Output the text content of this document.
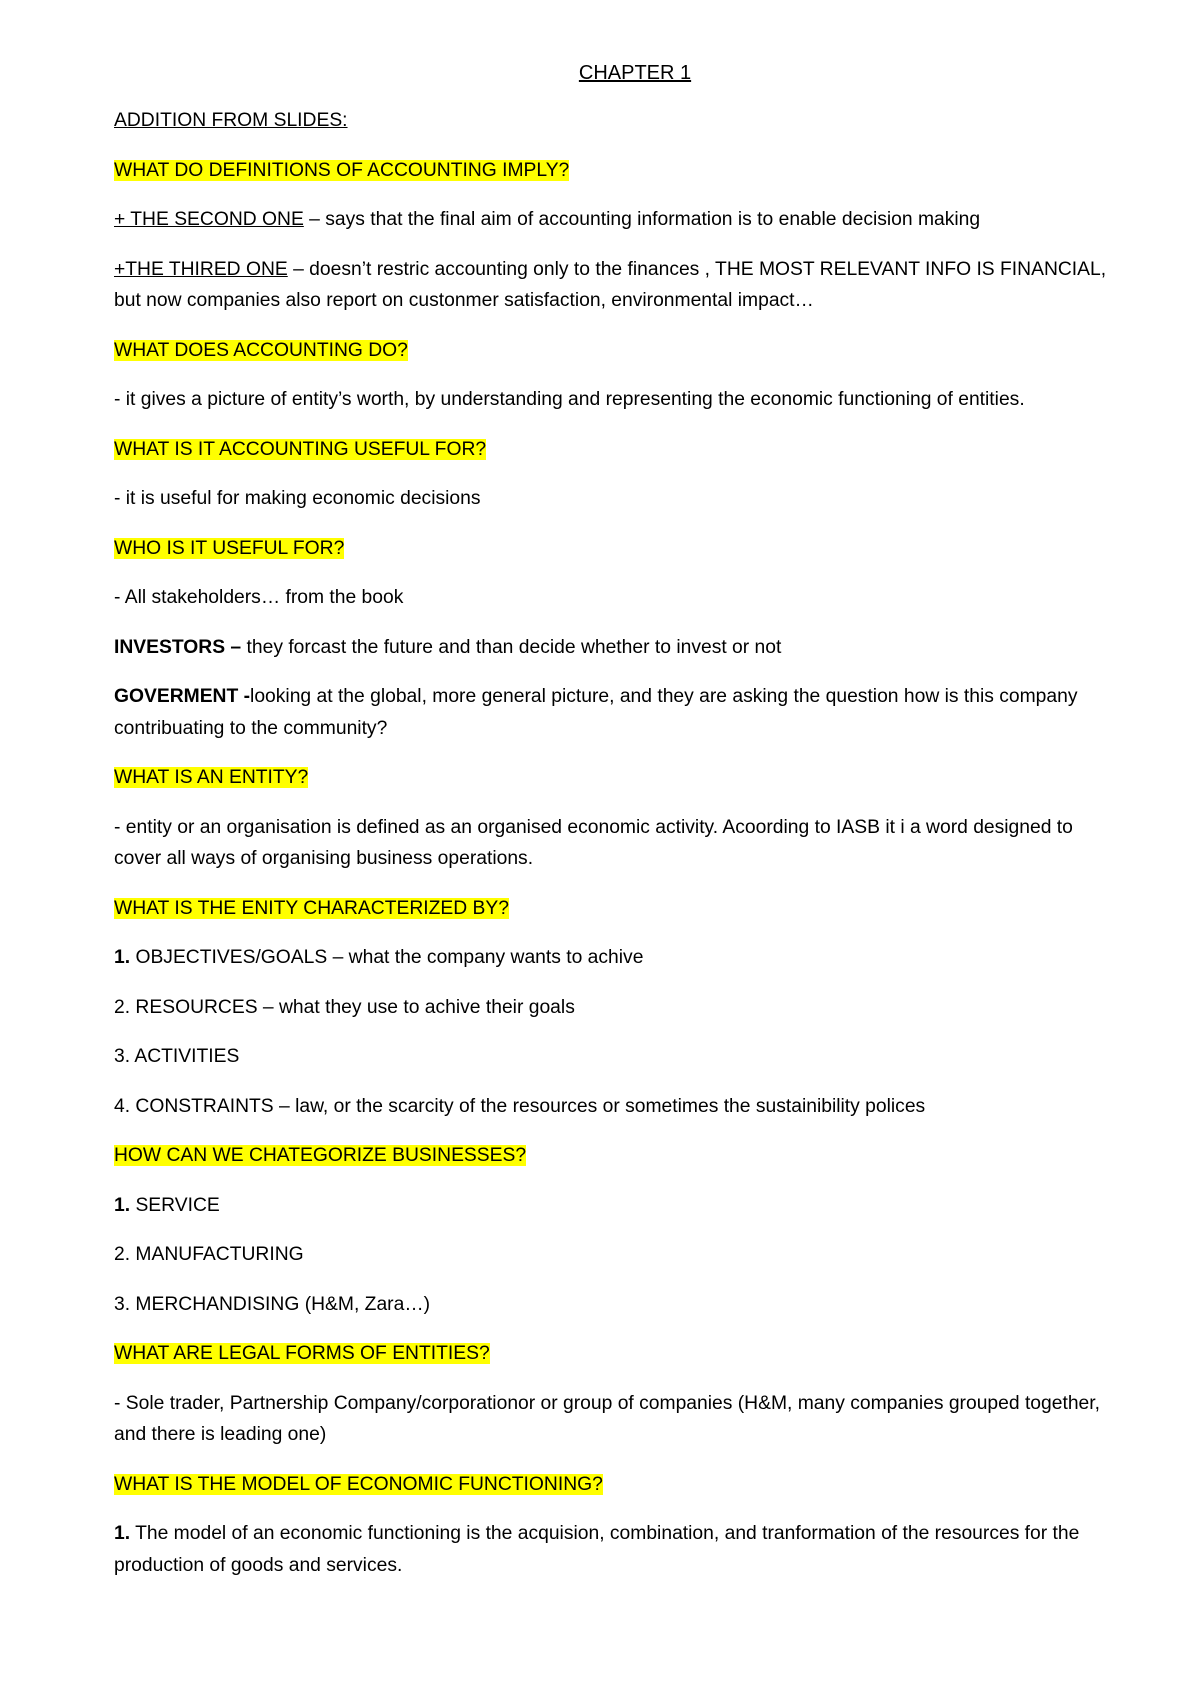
CHAPTER 1

ADDITION FROM SLIDES:

WHAT DO DEFINITIONS OF ACCOUNTING IMPLY?

+ THE SECOND ONE – says that the final aim of accounting information is to enable decision making

+THE THIRED ONE – doesn’t restric accounting only to the finances , THE MOST RELEVANT INFO IS FINANCIAL, but now companies also report on custonmer satisfaction, environmental impact…

WHAT DOES ACCOUNTING DO?

- it gives a picture of entity’s worth, by understanding and representing the economic functioning of entities.

WHAT IS IT ACCOUNTING USEFUL FOR?

- it is useful for making economic decisions

WHO IS IT USEFUL FOR?

- All stakeholders… from the book

INVESTORS – they forcast the future and than decide whether to invest or not

GOVERMENT -looking at the global, more general picture, and they are asking the question how is this company contribuating to the community?

WHAT IS AN ENTITY?

- entity or an organisation is defined as an organised economic activity. Acoording to IASB it i a word designed to cover all ways of organising business operations.

WHAT IS THE ENITY CHARACTERIZED BY?

1. OBJECTIVES/GOALS – what the company wants to achive

2. RESOURCES – what they use to achive their goals

3. ACTIVITIES

4. CONSTRAINTS – law, or the scarcity of the resources or sometimes the sustainibility polices

HOW CAN WE CHATEGORIZE BUSINESSES?

1. SERVICE

2. MANUFACTURING

3. MERCHANDISING (H&M, Zara…)

WHAT ARE LEGAL FORMS OF ENTITIES?

- Sole trader, Partnership Company/corporationor or group of companies (H&M, many companies grouped together, and there is leading one)

WHAT IS THE MODEL OF ECONOMIC FUNCTIONING?

1. The model of an economic functioning is the acquision, combination, and tranformation of the resources for the production of goods and services.
